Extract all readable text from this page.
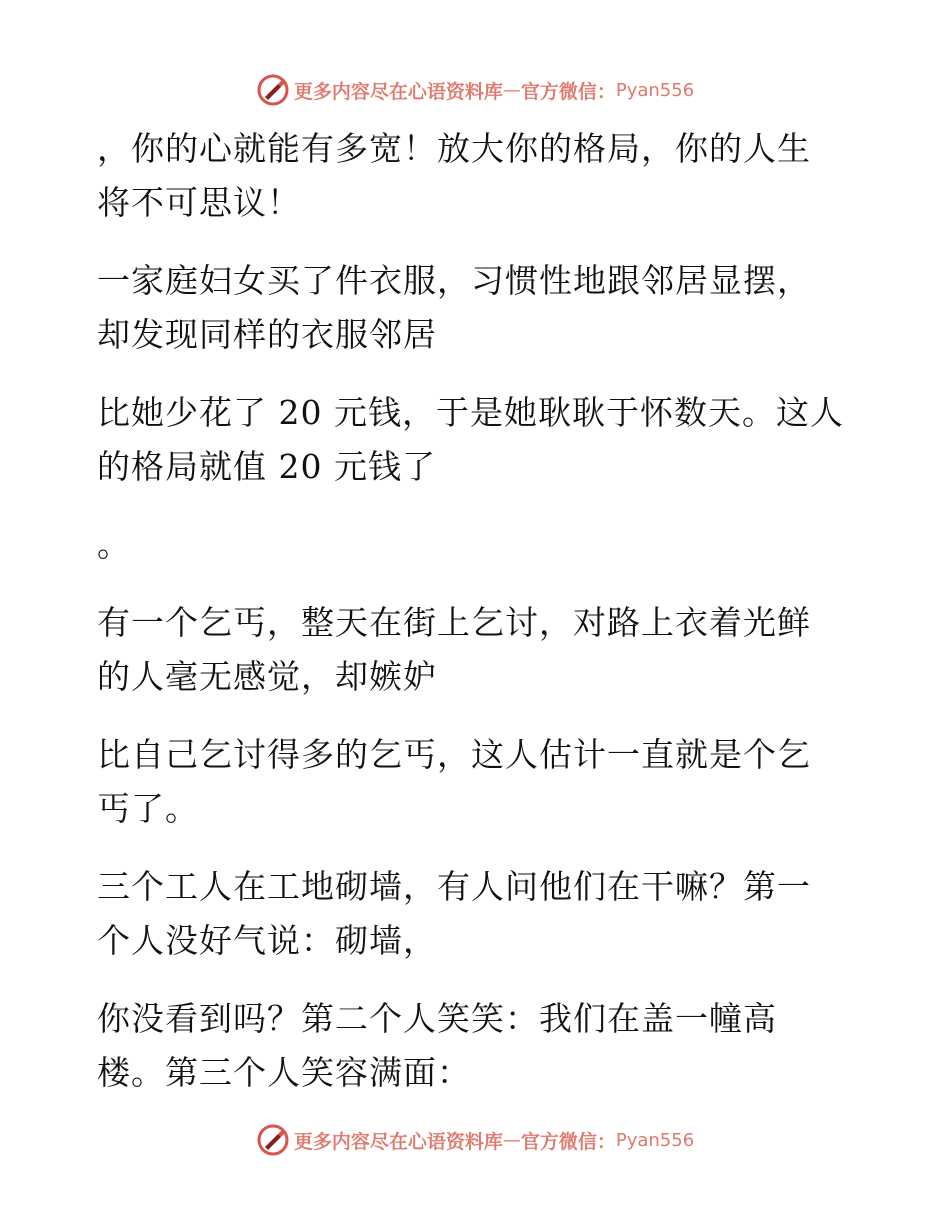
更多内容尽在心语资料库 — 官方微信： Pyan556
，你的心就能有多宽！放大你的格局，你的人生
将不可思议！
一家庭妇女买了件衣服，习惯性地跟邻居显摆，
却发现同样的衣服邻居
比她少花了 20 元钱，于是她耿耿于怀数天。这人
的格局就值 20 元钱了
。
有一个乞丐，整天在街上乞讨，对路上衣着光鲜
的人毫无感觉，却嫉妒
比自己乞讨得多的乞丐，这人估计一直就是个乞
丐了。
三个工人在工地砌墙，有人问他们在干嘛？第一
个人没好气说：砌墙，
你没看到吗？第二个人笑笑：我们在盖一幢高
楼。第三个人笑容满面：
更多内容尽在心语资料库 — 官方微信： Pyan556
